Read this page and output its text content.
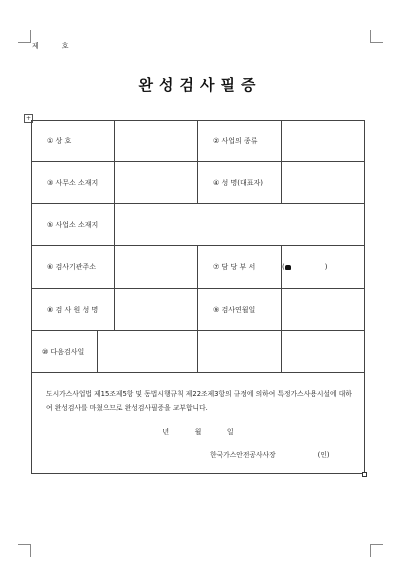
제	호
완성검사필증
+
① 상 호			② 사업의 종류	
③ 사무소 소재지			④ 성 명(대표자)	
⑤ 사업소 소재지				
⑥ 검사기관주소			⑦ 담 당 부 서	( )
⑧ 검 사 원 성 명			⑨ 검사연월일	
⑩ 다음검사일				

도시가스사업법 제15조제5항 및 동법시행규칙 제22조제3항의 규정에 의하여 특정가스사용시설에 대하여 완성검사를 마쳤으므로 완성검사필증을 교부합니다.
년 월 일
한국가스안전공사사장 (인)				
